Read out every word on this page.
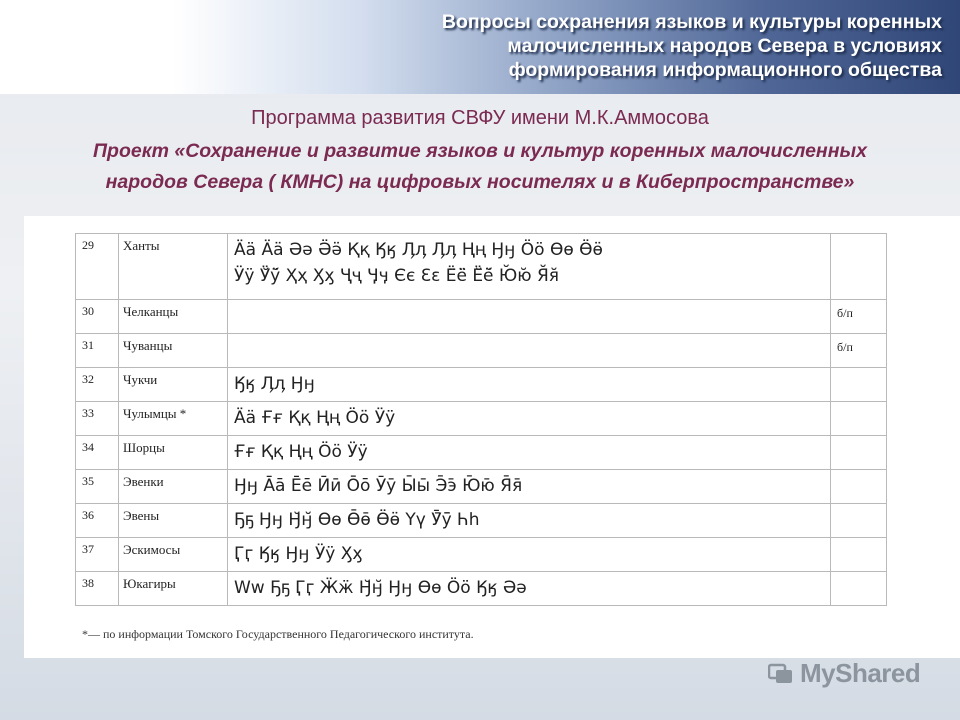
Вопросы сохранения языков и культуры коренных
малочисленных народов Севера в условиях
формирования информационного общества
Программа развития СВФУ имени М.К.Аммосова
Проект «Сохранение и развитие языков и культур коренных малочисленных
народов Севера ( КМНС) на цифровых носителях и в Киберпространстве»
29	Ханты	Ää Ӓӓ Әә Ӛӛ Ққ Ӄӄ Ӆӆ Ӆӆ Ңң Ӈӈ Öö Өө Ӫӫ
Ӱӱ Ӱ̆ӱ̆ Ҳҳ Ӽӽ Ҷҷ Ӌӌ Єє Ɛɛ Ё̈ё̈ Ё̆ё̆ Ю̆ю̆ Я̆я̆	

30	Челканцы		б/п
31	Чуванцы		б/п
32	Чукчи	Ӄӄ Ӆӆ Ӈӈ	

33	Чулымцы *	Ӓӓ Ғғ Ққ Ңң Ӧӧ Ӱӱ	

34	Шорцы	Ғғ Ққ Ңң Ӧӧ Ӱӱ	

35	Эвенки	Ӈӈ Āā Ēē Ӣӣ Ōō Ӯӯ Ы̄ы̄ Э̄э̄ Ю̄ю̄ Я̄я̄	

36	Эвены	Ҕҕ Ӈӈ Ӈ̆ӈ̆ Өө Ө̄ө̄ Ӫӫ Үү Ӯ̄ӯ̄ Һһ	

37	Эскимосы	Ӷӷ Ӄӄ Ӈӈ Ӱӱ Ӽӽ	

38	Юкагиры	Ww Ҕҕ Ӷӷ Ӝӝ Ӈ̆ӈ̆ Ӈӈ Өө Öö Ӄӄ Әә	

*— по информации Томского Государственного Педагогического института.
MyShared
